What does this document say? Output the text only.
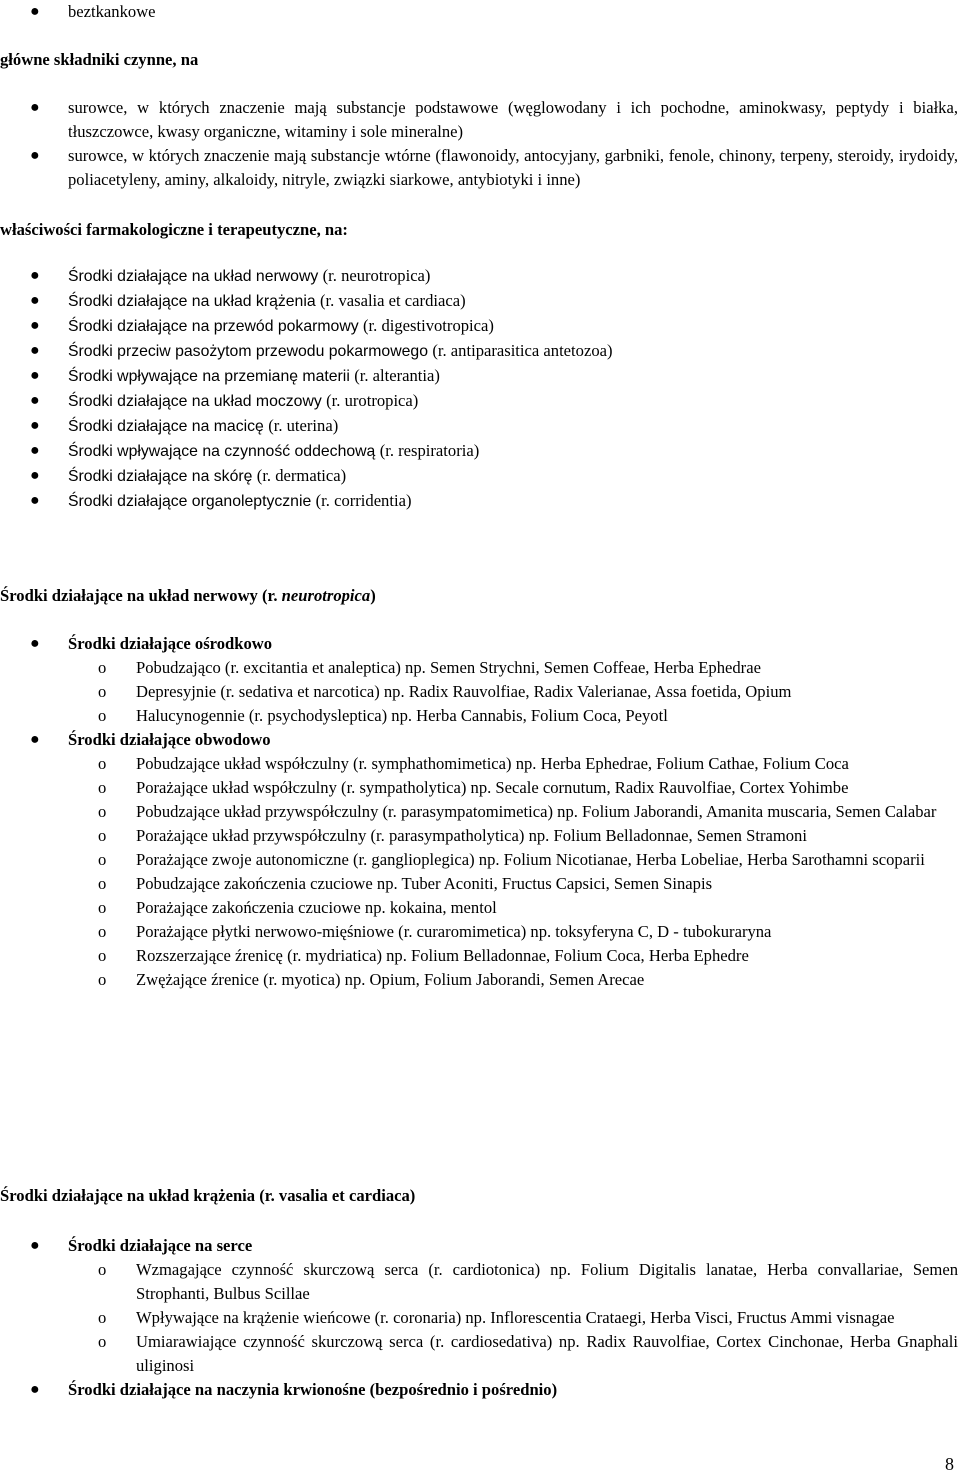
● beztkankowe
główne składniki czynne, na
● surowce, w których znaczenie mają substancje podstawowe (węglowodany i ich pochodne, aminokwasy, peptydy i białka, tłuszczowce, kwasy organiczne, witaminy i sole mineralne)
● surowce, w których znaczenie mają substancje wtórne (flawonoidy, antocyjany, garbniki, fenole, chinony, terpeny, steroidy, irydoidy, poliacetyleny, aminy, alkaloidy, nitryle, związki siarkowe, antybiotyki i inne)
właściwości farmakologiczne i terapeutyczne, na:
● Środki działające na układ nerwowy (r. neurotropica)
● Środki działające na układ krążenia (r. vasalia et cardiaca)
● Środki działające na przewód pokarmowy (r. digestivotropica)
● Środki przeciw pasożytom przewodu pokarmowego (r. antiparasitica antetozoa)
● Środki wpływające na przemianę materii (r. alterantia)
● Środki działające na układ moczowy (r. urotropica)
● Środki działające na macicę (r. uterina)
● Środki wpływające na czynność oddechową (r. respiratoria)
● Środki działające na skórę (r. dermatica)
● Środki działające organoleptycznie (r. corridentia)
Środki działające na układ nerwowy (r. neurotropica)
● Środki działające ośrodkowo
o Pobudzająco (r. excitantia et analeptica) np. Semen Strychni, Semen Coffeae, Herba Ephedrae
o Depresyjnie (r. sedativa et narcotica) np. Radix Rauvolfiae, Radix Valerianae, Assa foetida, Opium
o Halucynogennie (r. psychodysleptica) np. Herba Cannabis, Folium Coca, Peyotl
● Środki działające obwodowo
o Pobudzające układ współczulny (r. symphathomimetica) np. Herba Ephedrae, Folium Cathae, Folium Coca
o Porażające układ współczulny (r. sympatholytica) np. Secale cornutum, Radix Rauvolfiae, Cortex Yohimbe
o Pobudzające układ przywspółczulny (r. parasympatomimetica) np. Folium Jaborandi, Amanita muscaria, Semen Calabar
o Porażające układ przywspółczulny (r. parasympatholytica) np. Folium Belladonnae, Semen Stramoni
o Porażające zwoje autonomiczne (r. ganglioplegica) np. Folium Nicotianae, Herba Lobeliae, Herba Sarothamni scoparii
o Pobudzające zakończenia czuciowe np. Tuber Aconiti, Fructus Capsici, Semen Sinapis
o Porażające zakończenia czuciowe np. kokaina, mentol
o Porażające płytki nerwowo-mięśniowe (r. curaromimetica) np. toksyferyna C, D - tubokuraryna
o Rozszerzające źrenicę (r. mydriatica) np. Folium Belladonnae, Folium Coca, Herba Ephedre
o Zwężające źrenice (r. myotica) np. Opium, Folium Jaborandi, Semen Arecae
Środki działające na układ krążenia (r. vasalia et cardiaca)
● Środki działające na serce
o Wzmagające czynność skurczową serca (r. cardiotonica) np. Folium Digitalis lanatae, Herba convallariae, Semen Strophanti, Bulbus Scillae
o Wpływające na krążenie wieńcowe (r. coronaria) np. Inflorescentia Crataegi, Herba Visci, Fructus Ammi visnagae
o Umiarawiające czynność skurczową serca (r. cardiosedativa) np. Radix Rauvolfiae, Cortex Cinchonae, Herba Gnaphali uliginosi
● Środki działające na naczynia krwionośne (bezpośrednio i pośrednio)
8
